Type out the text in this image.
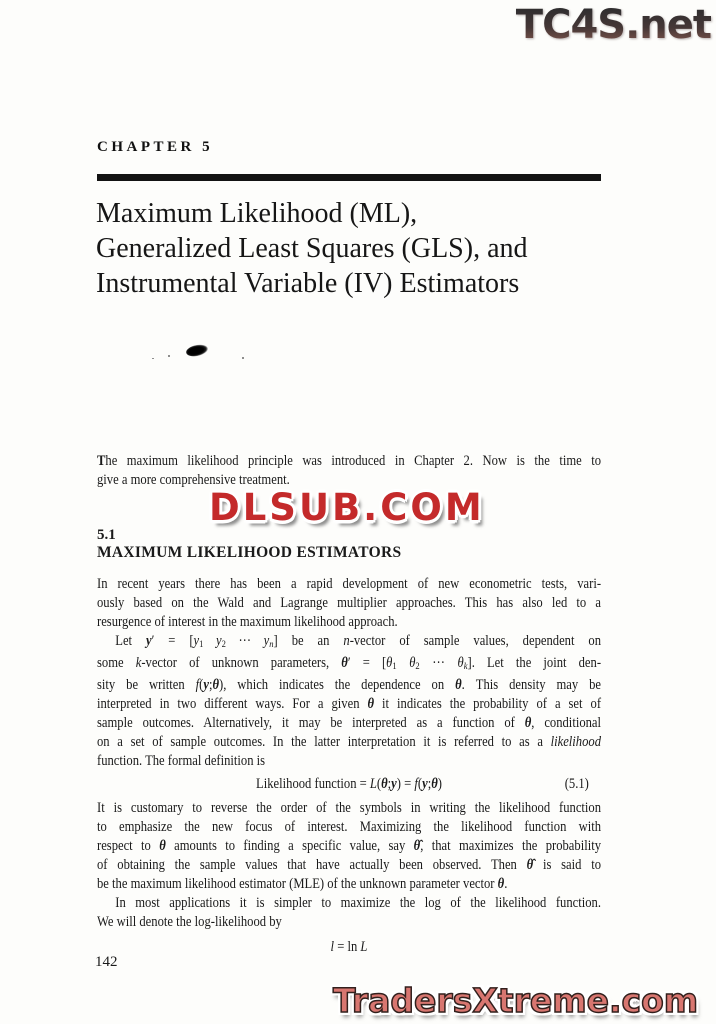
TC4S.net
CHAPTER 5
Maximum Likelihood (ML),
Generalized Least Squares (GLS), and
Instrumental Variable (IV) Estimators
DLSUB.COM
The maximum likelihood principle was introduced in Chapter 2. Now is the time to
give a more comprehensive treatment.
5.1
MAXIMUM LIKELIHOOD ESTIMATORS
In recent years there has been a rapid development of new econometric tests, vari-
ously based on the Wald and Lagrange multiplier approaches. This has also led to a
resurgence of interest in the maximum likelihood approach.
Let y′ = [y1   y2  ···  yn] be an n-vector of sample values, dependent on
some k-vector of unknown parameters, θ′ = [θ1   θ2  ···  θk]. Let the joint den-
sity be written f(y;θ), which indicates the dependence on θ. This density may be
interpreted in two different ways. For a given θ it indicates the probability of a set of
sample outcomes. Alternatively, it may be interpreted as a function of θ, conditional
on a set of sample outcomes. In the latter interpretation it is referred to as a likelihood
function. The formal definition is
Likelihood function = L(θ;y) = f(y;θ)	(5.1)
It is customary to reverse the order of the symbols in writing the likelihood function
to emphasize the new focus of interest. Maximizing the likelihood function with
respect to θ amounts to finding a specific value, say θ̂, that maximizes the probability
of obtaining the sample values that have actually been observed. Then θ̂ is said to
be the maximum likelihood estimator (MLE) of the unknown parameter vector θ.
In most applications it is simpler to maximize the log of the likelihood function.
We will denote the log-likelihood by
l = ln L
142
TradersXtreme.com
